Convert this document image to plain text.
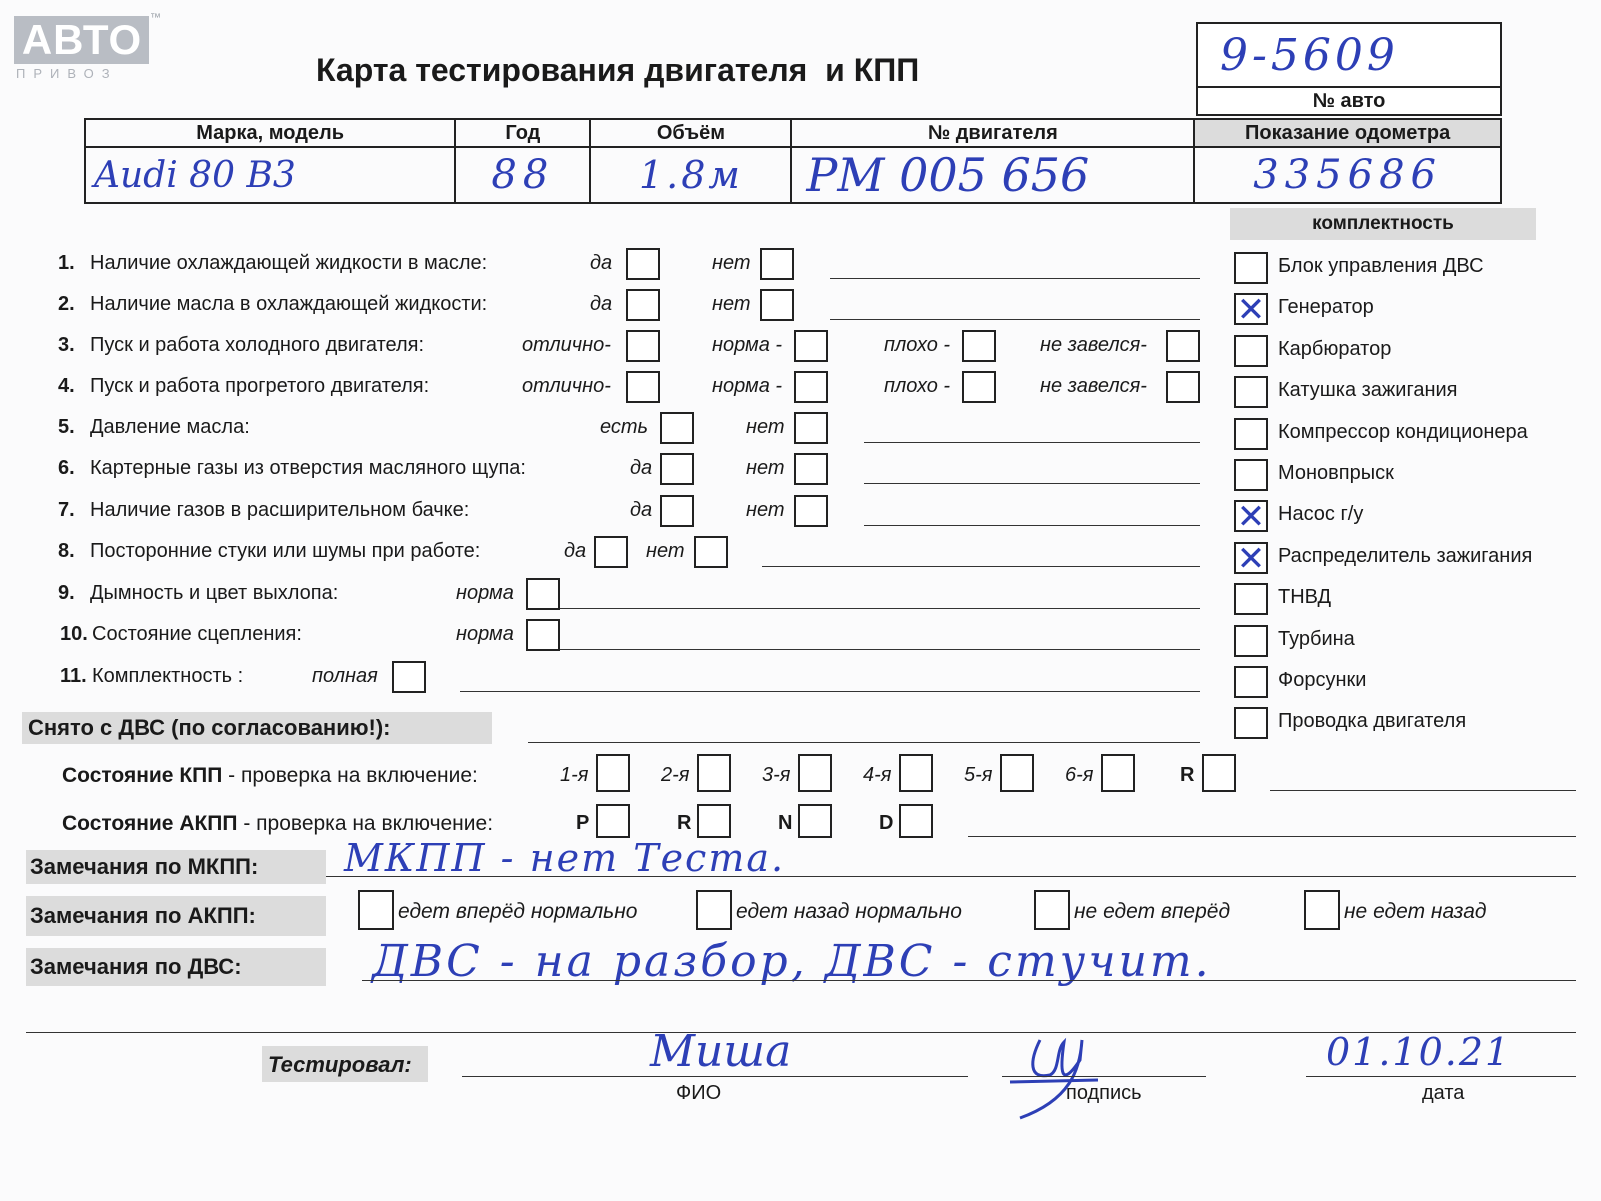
АВТО ™
ПРИВОЗ	Карта тестирования двигателя  и КПП	9-5609
№ авто
Марка, модель	Год	Объём	№ двигателя	Показание одометра
Audi 80 B3	88	1.8м	PM 005 656	335686
комплектность
1. Наличие охлаждающей жидкости в масле:	да	нет
2. Наличие масла в охлаждающей жидкости:	да	нет
3. Пуск и работа холодного двигателя:	отлично-	норма -	плохо -	не завелся-
4. Пуск и работа прогретого двигателя:	отлично-	норма -	плохо -	не завелся-
5. Давление масла:	есть	нет
6. Картерные газы из отверстия масляного щупа:	да	нет
7. Наличие газов в расширительном бачке:	да	нет
8. Посторонние стуки или шумы при работе:	да	нет
9. Дымность и цвет выхлопа:	норма
10. Состояние сцепления:	норма
11. Комплектность :	полная
Блок управления ДВС
✕ Генератор
Карбюратор
Катушка зажигания
Компрессор кондиционера
Моновпрыск
✕ Насос г/у
✕ Распределитель зажигания
ТНВД
Турбина
Форсунки
Проводка двигателя
Снято с ДВС (по согласованию!):
Состояние КПП - проверка на включение:	1-я	2-я	3-я	4-я	5-я	6-я	R
Состояние АКПП - проверка на включение:	P	R	N	D
Замечания по МКПП:	МКПП - нет Теста.
Замечания по АКПП:	едет вперёд нормально	едет назад нормально	не едет вперёд	не едет назад
Замечания по ДВС:	ДВС - на разбор, ДВС - стучит.
Тестировал:	Миша
ФИО	подпись
01.10.21
дата
